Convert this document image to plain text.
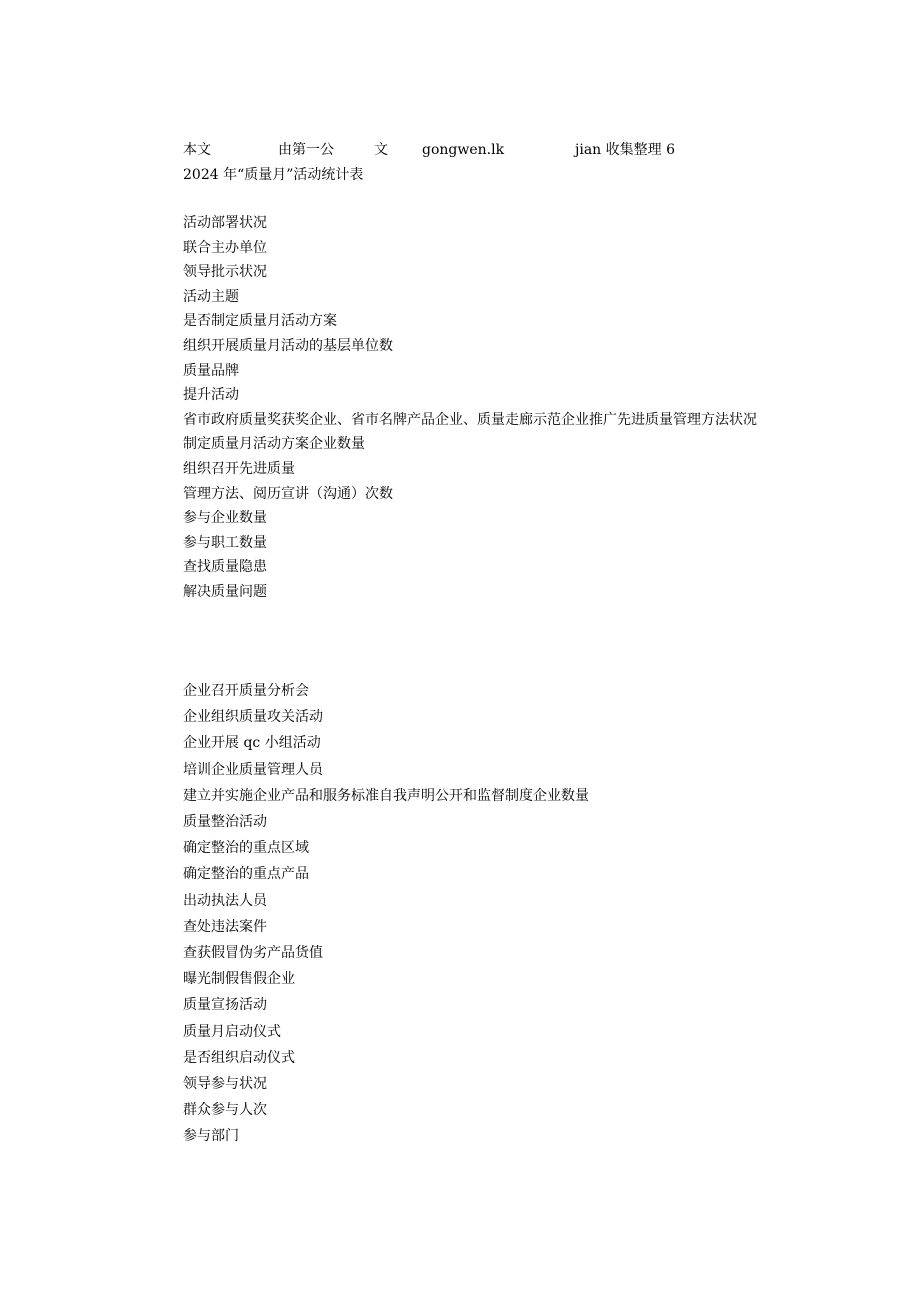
本文	由第一公	文 gongwen.lk	jian 收集整理 6
2024 年“质量月”活动统计表

活动部署状况

联合主办单位

领导批示状况

活动主题

是否制定质量月活动方案

组织开展质量月活动的基层单位数

质量品牌

提升活动

省市政府质量奖获奖企业、省市名牌产品企业、质量走廊示范企业推广先进质量管理方法状况

制定质量月活动方案企业数量

组织召开先进质量

管理方法、阅历宣讲（沟通）次数

参与企业数量

参与职工数量

查找质量隐患

解决质量问题

企业召开质量分析会

企业组织质量攻关活动

企业开展 qc 小组活动

培训企业质量管理人员

建立并实施企业产品和服务标准自我声明公开和监督制度企业数量

质量整治活动

确定整治的重点区域

确定整治的重点产品

出动执法人员

查处违法案件

查获假冒伪劣产品货值

曝光制假售假企业

质量宣扬活动

质量月启动仪式

是否组织启动仪式

领导参与状况

群众参与人次

参与部门
